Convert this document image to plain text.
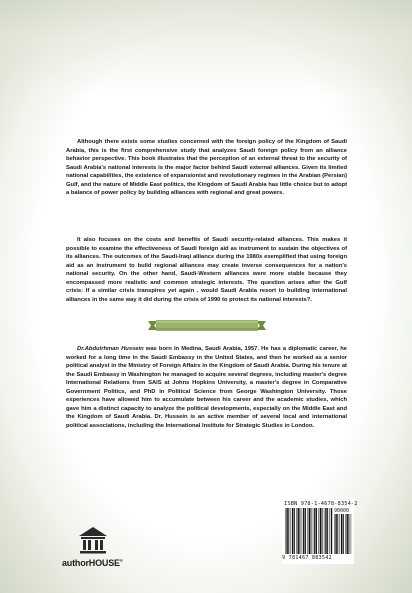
Although there exists some studies concerned with the foreign policy of the Kingdom of Saudi Arabia, this is the first comprehensive study that analyzes Saudi foreign policy from an alliance behavior perspective. This book illustrates that the perception of an external threat to the security of Saudi Arabia's national interests is the major factor behind Saudi external alliances. Given its limited national capabilities, the existence of expansionist and revolutionary regimes in the Arabian (Persian) Gulf, and the nature of Middle East politics, the Kingdom of Saudi Arabia has little choice but to adopt a balance of power policy by building alliances with regional and great powers.

It also focuses on the costs and benefits of Saudi security-related alliances. This makes it possible to examine the effectiveness of Saudi foreign aid as instrument to sustain the objectives of its alliances. The outcomes of the Saudi-Iraqi alliance during the 1980s exemplified that using foreign aid as an instrument to build regional alliances may create inverse consequences for a nation's national security. On the other hand, Saudi-Western alliances were more stable because they encompassed more realistic and common strategic interests. The question arises after the Gulf crisis: If a similar crisis transpires yet again , would Saudi Arabia resort to building international alliances in the same way it did during the crisis of 1990 to protect its national interests?.

Dr.Abdulrhman Hussein was born in Medina, Saudi Arabia, 1957. He has a diplomatic career, he worked for a long time in the Saudi Embassy in the United States, and then he worked as a senior political analyst in the Ministry of Foreign Affairs in the Kingdom of Saudi Arabia. During his tenure at the Saudi Embassy in Washington he managed to acquire several degrees, including master's degree International Relations from SAIS at Johns Hopkins University, a master's degree in Comparative Government Politics, and PhD in Political Science from George Washington University. Those experiences have allowed him to accumulate between his career and the academic studies, which gave him a distinct capacity to analyze the political developments, especially on the Middle East and the Kingdom of Saudi Arabia. Dr. Hussein is an active member of several local and international political associations, including the International Institute for Strategic Studies in London.

authorHOUSE®
ISBN 978-1-4678-8354-2
90000
9 781467 883542
